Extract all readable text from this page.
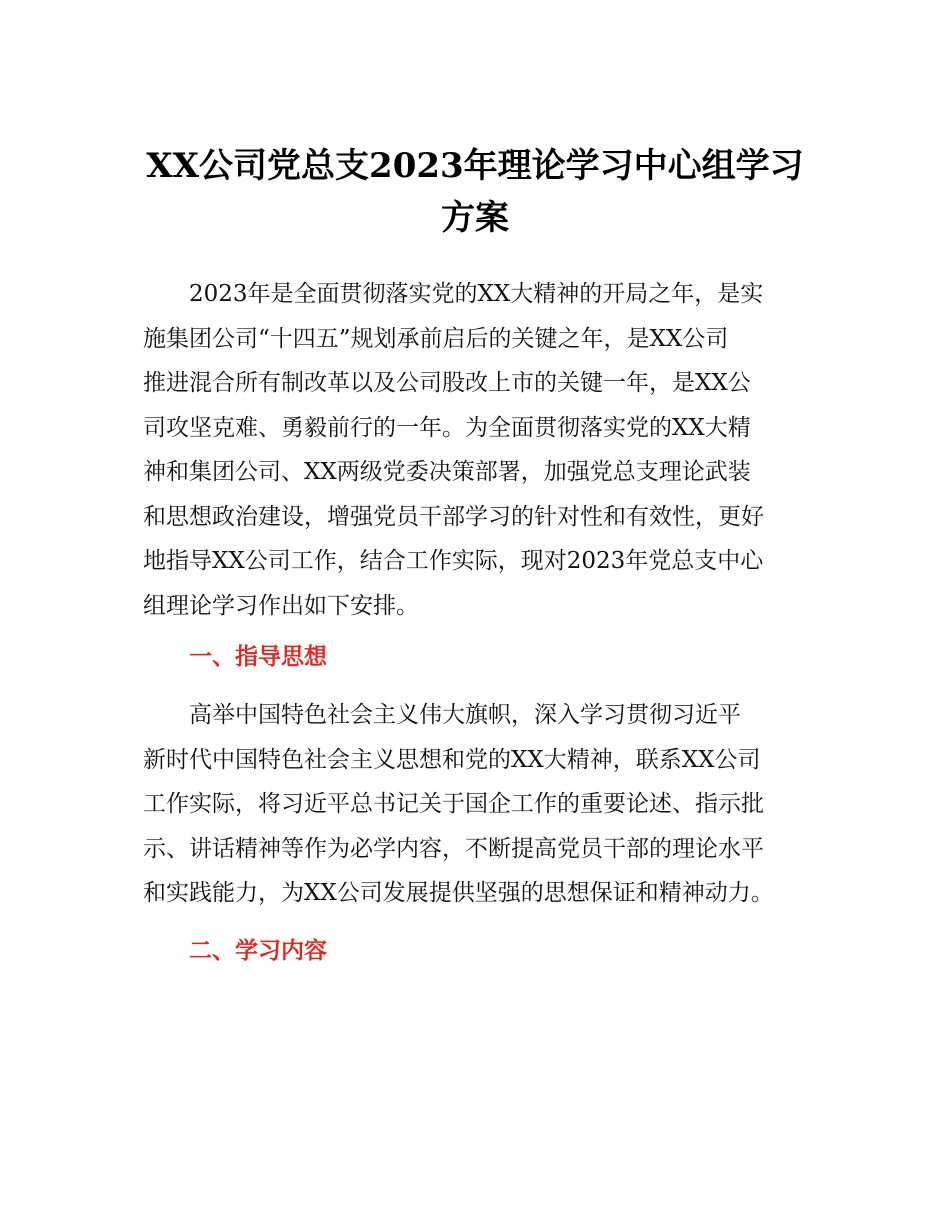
XX公司党总支2023年理论学习中心组学习
方案
2023年是全面贯彻落实党的XX大精神的开局之年，是实
施集团公司“十四五”规划承前启后的关键之年，是XX公司
推进混合所有制改革以及公司股改上市的关键一年，是XX公
司攻坚克难、勇毅前行的一年。为全面贯彻落实党的XX大精
神和集团公司、XX两级党委决策部署，加强党总支理论武装
和思想政治建设，增强党员干部学习的针对性和有效性，更好
地指导XX公司工作，结合工作实际，现对2023年党总支中心
组理论学习作出如下安排。
一、指导思想
高举中国特色社会主义伟大旗帜，深入学习贯彻习近平
新时代中国特色社会主义思想和党的XX大精神，联系XX公司
工作实际，将习近平总书记关于国企工作的重要论述、指示批
示、讲话精神等作为必学内容，不断提高党员干部的理论水平
和实践能力，为XX公司发展提供坚强的思想保证和精神动力。
二、学习内容
